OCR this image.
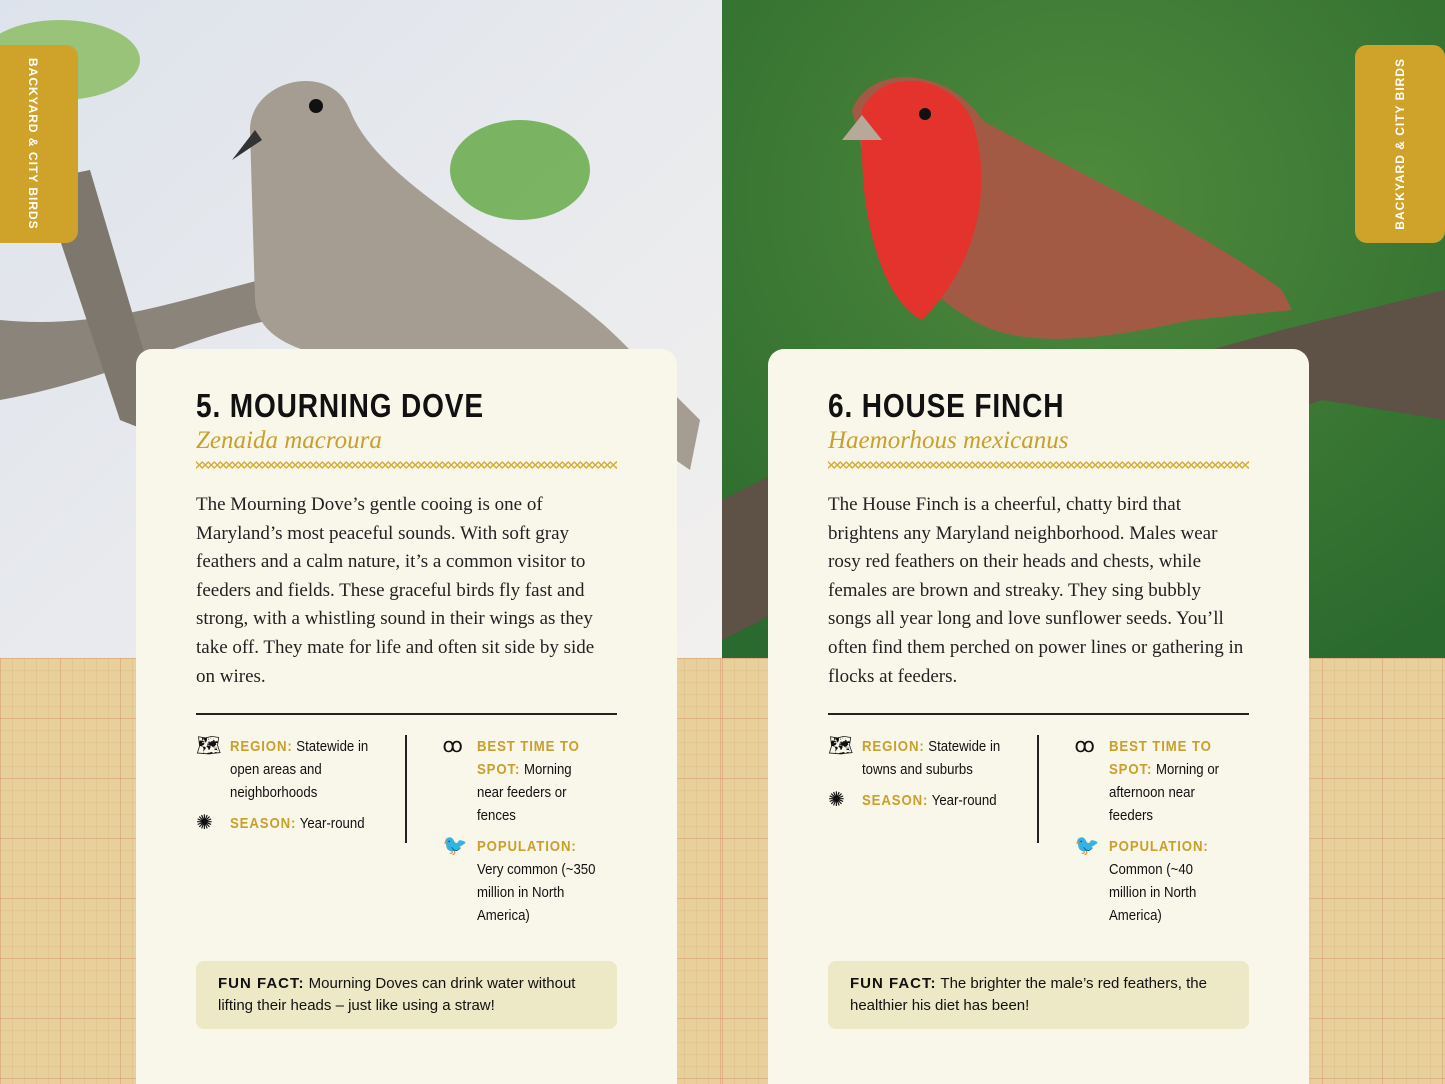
BACKYARD & CITY BIRDS
5. MOURNING DOVE
Zenaida macroura

The Mourning Dove’s gentle cooing is one of Maryland’s most peaceful sounds. With soft gray feathers and a calm nature, it’s a common visitor to feeders and fields. These graceful birds fly fast and strong, with a whistling sound in their wings as they take off. They mate for life and often sit side by side on wires.

🗺 REGION: Statewide in open areas and neighborhoods
✺	SEASON: Year-round
ꝏ BEST TIME TO SPOT: Morning near feeders or fences
🐦 POPULATION: Very common (~350 million in North America)
FUN FACT: Mourning Doves can drink water without lifting their heads – just like using a straw!
BACKYARD & CITY BIRDS
6. HOUSE FINCH
Haemorhous mexicanus

The House Finch is a cheerful, chatty bird that brightens any Maryland neighborhood. Males wear rosy red feathers on their heads and chests, while females are brown and streaky. They sing bubbly songs all year long and love sunflower seeds. You’ll often find them perched on power lines or gathering in flocks at feeders.

🗺 REGION: Statewide in towns and suburbs
✺	SEASON: Year-round
ꝏ BEST TIME TO SPOT: Morning or afternoon near feeders
🐦 POPULATION: Common (~40 million in North America)
FUN FACT: The brighter the male’s red feathers, the healthier his diet has been!
